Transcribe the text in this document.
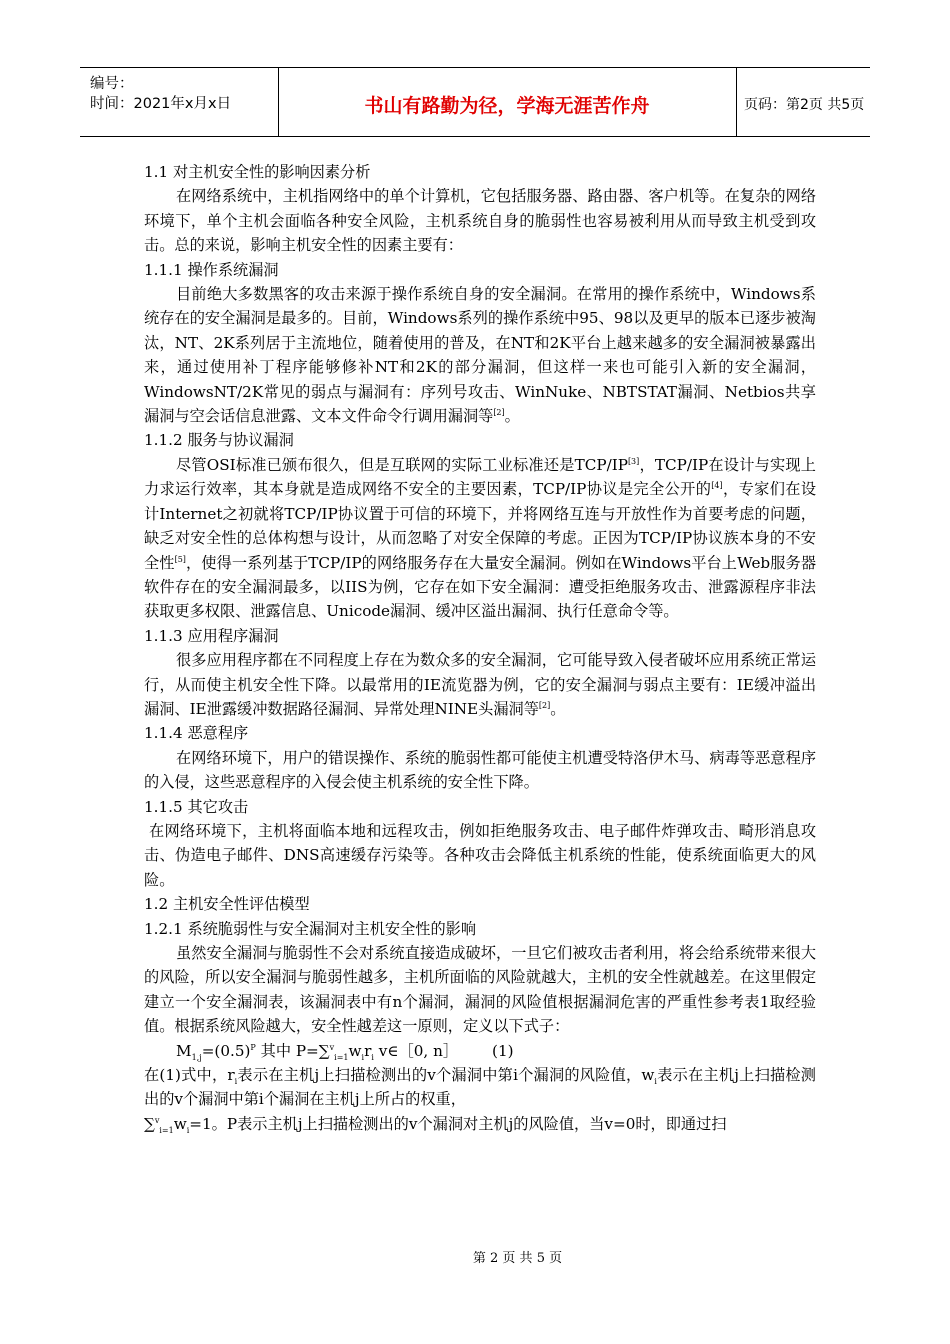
编号：
时间：2021年x月x日	书山有路勤为径，学海无涯苦作舟	页码：第2页 共5页

1.1 对主机安全性的影响因素分析

在网络系统中，主机指网络中的单个计算机，它包括服务器、路由器、客户机等。在复杂的网络环境下，单个主机会面临各种安全风险，主机系统自身的脆弱性也容易被利用从而导致主机受到攻击。总的来说，影响主机安全性的因素主要有：

1.1.1 操作系统漏洞

目前绝大多数黑客的攻击来源于操作系统自身的安全漏洞。在常用的操作系统中，Windows系统存在的安全漏洞是最多的。目前，Windows系列的操作系统中95、98以及更早的版本已逐步被淘汰，NT、2K系列居于主流地位，随着使用的普及，在NT和2K平台上越来越多的安全漏洞被暴露出来，通过使用补丁程序能够修补NT和2K的部分漏洞，但这样一来也可能引入新的安全漏洞，WindowsNT/2K常见的弱点与漏洞有：序列号攻击、WinNuke、NBTSTAT漏洞、Netbios共享漏洞与空会话信息泄露、文本文件命令行调用漏洞等[2]。

1.1.2 服务与协议漏洞

尽管OSI标准已颁布很久，但是互联网的实际工业标准还是TCP/IP[3]，TCP/IP在设计与实现上力求运行效率，其本身就是造成网络不安全的主要因素，TCP/IP协议是完全公开的[4]，专家们在设计Internet之初就将TCP/IP协议置于可信的环境下，并将网络互连与开放性作为首要考虑的问题，缺乏对安全性的总体构想与设计，从而忽略了对安全保障的考虑。正因为TCP/IP协议族本身的不安全性[5]，使得一系列基于TCP/IP的网络服务存在大量安全漏洞。例如在Windows平台上Web服务器软件存在的安全漏洞最多，以IIS为例，它存在如下安全漏洞：遭受拒绝服务攻击、泄露源程序非法获取更多权限、泄露信息、Unicode漏洞、缓冲区溢出漏洞、执行任意命令等。

1.1.3 应用程序漏洞

很多应用程序都在不同程度上存在为数众多的安全漏洞，它可能导致入侵者破坏应用系统正常运行，从而使主机安全性下降。以最常用的IE流览器为例，它的安全漏洞与弱点主要有：IE缓冲溢出漏洞、IE泄露缓冲数据路径漏洞、异常处理NINE头漏洞等[2]。

1.1.4 恶意程序

在网络环境下，用户的错误操作、系统的脆弱性都可能使主机遭受特洛伊木马、病毒等恶意程序的入侵，这些恶意程序的入侵会使主机系统的安全性下降。

1.1.5 其它攻击

在网络环境下，主机将面临本地和远程攻击，例如拒绝服务攻击、电子邮件炸弹攻击、畸形消息攻击、伪造电子邮件、DNS高速缓存污染等。各种攻击会降低主机系统的性能，使系统面临更大的风险。

1.2 主机安全性评估模型

1.2.1 系统脆弱性与安全漏洞对主机安全性的影响

虽然安全漏洞与脆弱性不会对系统直接造成破坏，一旦它们被攻击者利用，将会给系统带来很大的风险，所以安全漏洞与脆弱性越多，主机所面临的风险就越大，主机的安全性就越差。在这里假定建立一个安全漏洞表，该漏洞表中有n个漏洞，漏洞的风险值根据漏洞危害的严重性参考表1取经验值。根据系统风险越大，安全性越差这一原则，定义以下式子：

$M_{1,j}=(0.5)^P$ 其中 $P=\sum^v_{i=1}w_ir_i$ v∈［0, n］ (1)

在(1)式中，$r_i$表示在主机j上扫描检测出的v个漏洞中第i个漏洞的风险值，$w_i$表示在主机j上扫描检测出的v个漏洞中第i个漏洞在主机j上所占的权重，

$\sum^v_{i=1}w_i=1$。P表示主机j上扫描检测出的v个漏洞对主机j的风险值，当v=0时，即通过扫

第 2 页 共 5 页
